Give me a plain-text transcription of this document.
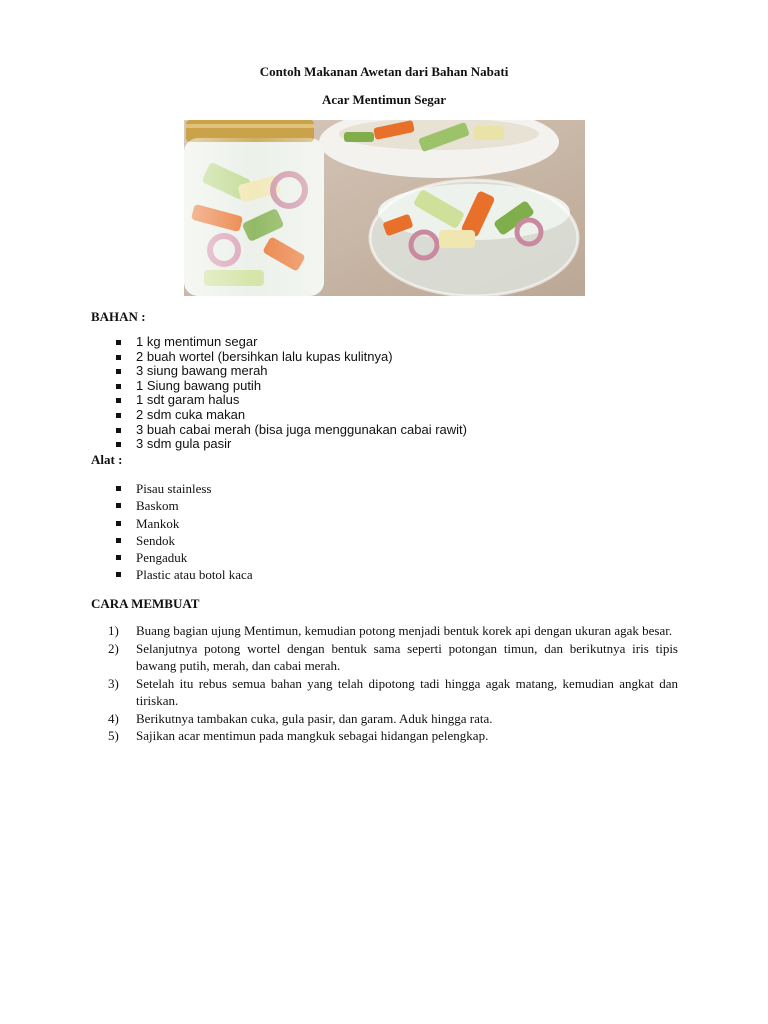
Contoh Makanan Awetan dari Bahan Nabati
Acar Mentimun Segar
BAHAN :
1 kg mentimun segar
2 buah wortel (bersihkan lalu kupas kulitnya)
3 siung bawang merah
1 Siung bawang putih
1 sdt garam halus
2 sdm cuka makan
3 buah cabai merah (bisa juga menggunakan cabai rawit)
3 sdm gula pasir
Alat :
Pisau stainless
Baskom
Mankok
Sendok
Pengaduk
Plastic atau botol kaca
CARA MEMBUAT
1) Buang bagian ujung Mentimun, kemudian potong menjadi bentuk korek api dengan ukuran agak besar.
2) Selanjutnya potong wortel dengan bentuk sama seperti potongan timun, dan berikutnya iris tipis bawang putih, merah, dan cabai merah.
3) Setelah itu rebus semua bahan yang telah dipotong tadi hingga agak matang, kemudian angkat dan tiriskan.
4) Berikutnya tambakan cuka, gula pasir, dan garam. Aduk hingga rata.
5) Sajikan acar mentimun pada mangkuk sebagai hidangan pelengkap.
